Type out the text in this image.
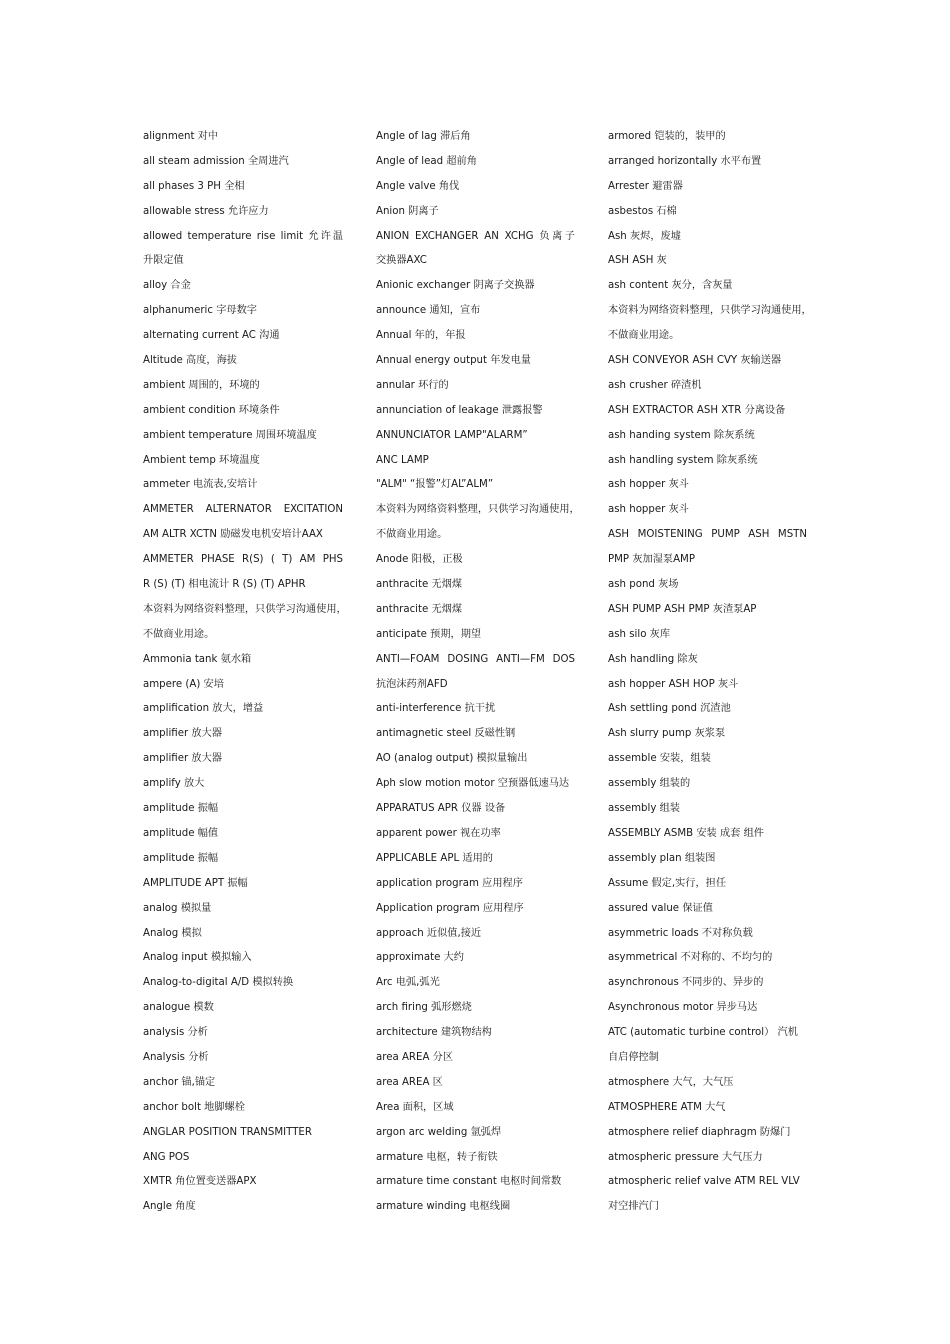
alignment 对中
all steam admission 全周进汽
all phases 3 PH 全相
allowable stress 允许应力
allowed temperature rise limit 允许温
升限定值
alloy 合金
alphanumeric 字母数字
alternating current AC 沟通
Altitude 高度，海拔
ambient 周围的，环境的
ambient condition 环境条件
ambient temperature 周围环境温度
Ambient temp 环境温度
ammeter 电流表,安培计
AMMETER ALTERNATOR EXCITATION
AM ALTR XCTN 励磁发电机安培计AAX
AMMETER PHASE R(S) ( T) AM PHS
R (S) (T) 相电流计 R (S) (T) APHR
本资料为网络资料整理，只供学习沟通使用，
不做商业用途。
Ammonia tank 氨水箱
ampere (A) 安培
amplification 放大，增益
amplifier 放大器
amplifier 放大器
amplify 放大
amplitude 振幅
amplitude 幅值
amplitude 振幅
AMPLITUDE APT 振幅
analog 模拟量
Analog 模拟
Analog input 模拟输入
Analog-to-digital A/D 模拟转换
analogue 模数
analysis 分析
Analysis 分析
anchor 锚,锚定
anchor bolt 地脚螺栓
ANGLAR POSITION TRANSMITTER
ANG POS
XMTR 角位置变送器APX
Angle 角度
Angle of lag 滞后角
Angle of lead 超前角
Angle valve 角伐
Anion 阴离子
ANION EXCHANGER AN XCHG 负离子
交换器AXC
Anionic exchanger 阴离子交换器
announce 通知，宣布
Annual 年的，年报
Annual energy output 年发电量
annular 环行的
annunciation of leakage 泄露报警
ANNUNCIATOR LAMP"ALARM”
ANC LAMP
"ALM" “报警”灯AL”ALM”
本资料为网络资料整理，只供学习沟通使用，
不做商业用途。
Anode 阳极，正极
anthracite 无烟煤
anthracite 无烟煤
anticipate 预期，期望
ANTI—FOAM DOSING ANTI—FM DOS
抗泡沫药剂AFD
anti-interference 抗干扰
antimagnetic steel 反磁性钢
AO (analog output) 模拟量输出
Aph slow motion motor 空预器低速马达
APPARATUS APR 仪器 设备
apparent power 视在功率
APPLICABLE APL 适用的
application program 应用程序
Application program 应用程序
approach 近似值,接近
approximate 大约
Arc 电弧,弧光
arch firing 弧形燃烧
architecture 建筑物结构
area AREA 分区
area AREA 区
Area 面积，区域
argon arc welding 氩弧焊
armature 电枢，转子衔铁
armature time constant 电枢时间常数
armature winding 电枢线圈
armored 铠装的，装甲的
arranged horizontally 水平布置
Arrester 避雷器
asbestos 石棉
Ash 灰烬，废墟
ASH ASH 灰
ash content 灰分，含灰量
本资料为网络资料整理，只供学习沟通使用，
不做商业用途。
ASH CONVEYOR ASH CVY 灰输送器
ash crusher 碎渣机
ASH EXTRACTOR ASH XTR 分离设备
ash handing system 除灰系统
ash handling system 除灰系统
ash hopper 灰斗
ash hopper 灰斗
ASH MOISTENING PUMP ASH MSTN
PMP 灰加湿泵AMP
ash pond 灰场
ASH PUMP ASH PMP 灰渣泵AP
ash silo 灰库
Ash handling 除灰
ash hopper ASH HOP 灰斗
Ash settling pond 沉渣池
Ash slurry pump 灰浆泵
assemble 安装，组装
assembly 组装的
assembly 组装
ASSEMBLY ASMB 安装 成套 组件
assembly plan 组装图
Assume 假定,实行，担任
assured value 保证值
asymmetric loads 不对称负载
asymmetrical 不对称的、不均匀的
asynchronous 不同步的、异步的
Asynchronous motor 异步马达
ATC (automatic turbine control） 汽机
自启停控制
atmosphere 大气，大气压
ATMOSPHERE ATM 大气
atmosphere relief diaphragm 防爆门
atmospheric pressure 大气压力
atmospheric relief valve ATM REL VLV
对空排汽门
